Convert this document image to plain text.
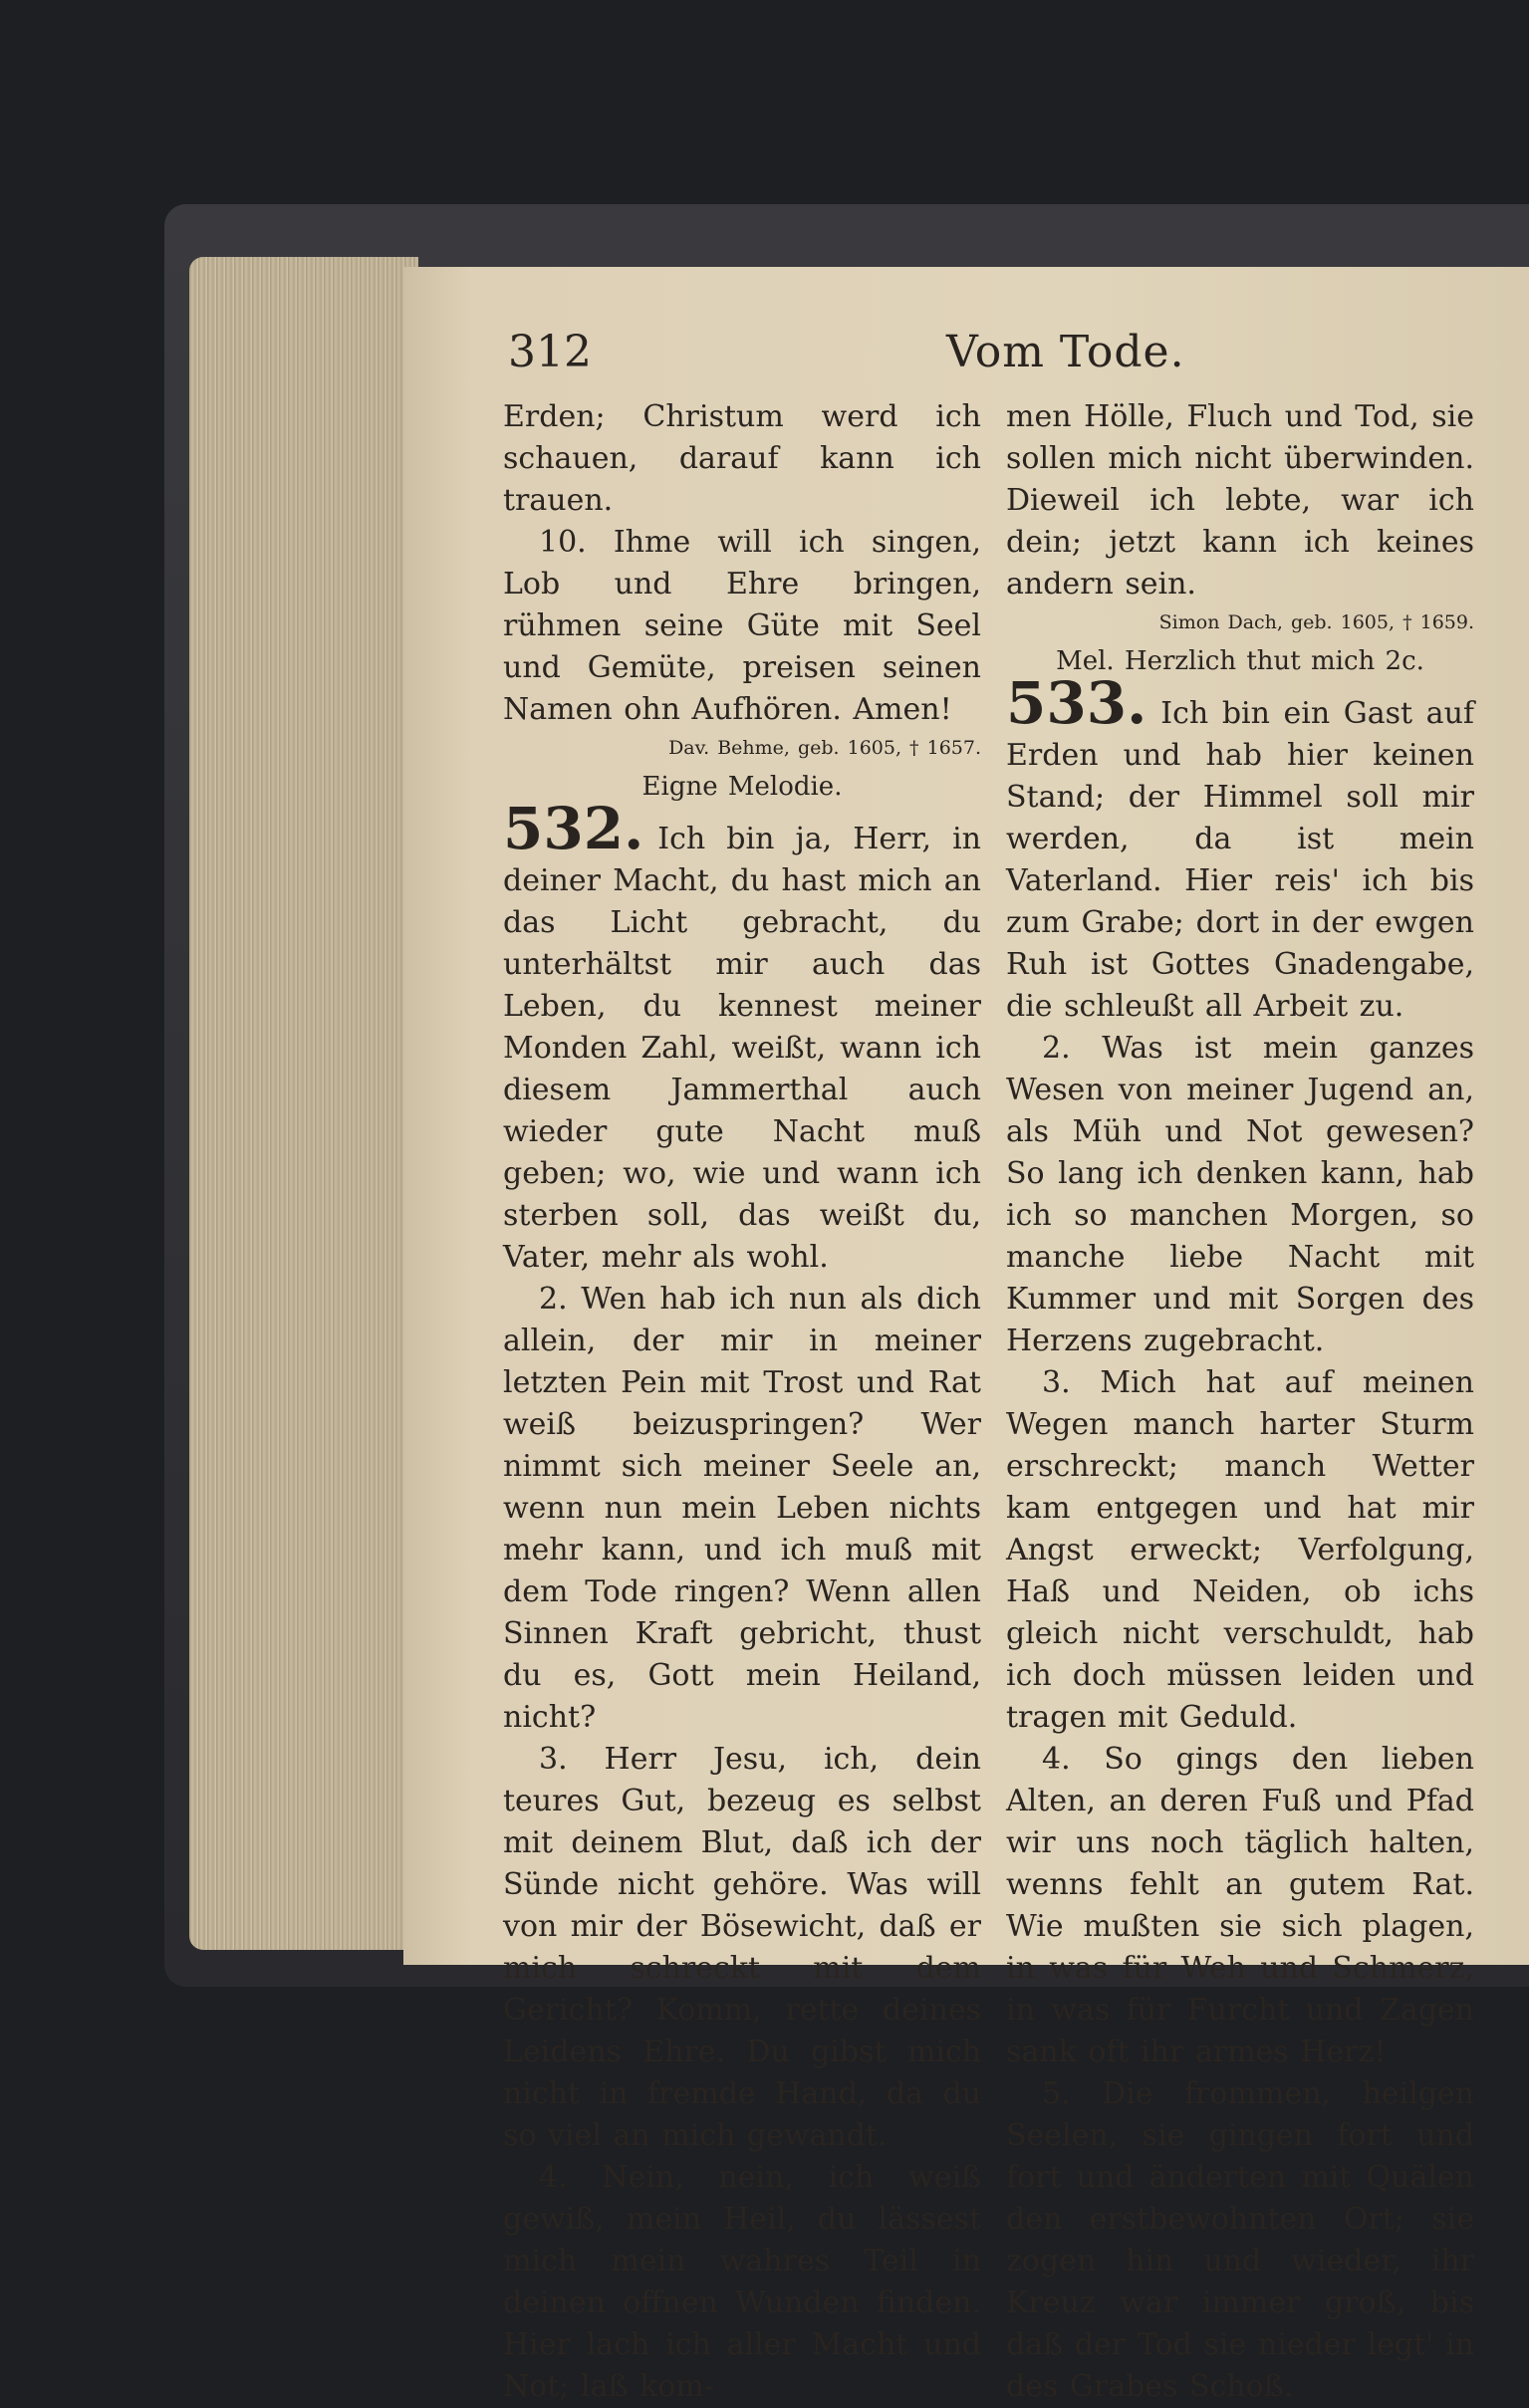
312	Vom Tode.

Erden; Christum werd ich schauen, darauf kann ich trauen.

10. Ihme will ich singen, Lob und Ehre bringen, rühmen seine Güte mit Seel und Gemüte, preisen seinen Namen ohn Aufhören. Amen!

Dav. Behme, geb. 1605, † 1657.

Eigne Melodie.

532. Ich bin ja, Herr, in deiner Macht, du hast mich an das Licht gebracht, du unterhältst mir auch das Leben, du kennest meiner Monden Zahl, weißt, wann ich diesem Jammerthal auch wieder gute Nacht muß geben; wo, wie und wann ich sterben soll, das weißt du, Vater, mehr als wohl.

2. Wen hab ich nun als dich allein, der mir in meiner letzten Pein mit Trost und Rat weiß beizuspringen? Wer nimmt sich meiner Seele an, wenn nun mein Leben nichts mehr kann, und ich muß mit dem Tode ringen? Wenn allen Sinnen Kraft gebricht, thust du es, Gott mein Heiland, nicht?

3. Herr Jesu, ich, dein teures Gut, bezeug es selbst mit deinem Blut, daß ich der Sünde nicht gehöre. Was will von mir der Bösewicht, daß er mich schreckt mit dem Gericht? Komm, rette deines Leidens Ehre. Du gibst mich nicht in fremde Hand, da du so viel an mich gewandt.

4. Nein, nein, ich weiß gewiß, mein Heil, du lässest mich mein wahres Teil in deinen offnen Wunden finden. Hier lach ich aller Macht und Not; laß kom-

men Hölle, Fluch und Tod, sie sollen mich nicht überwinden. Dieweil ich lebte, war ich dein; jetzt kann ich keines andern sein.

Simon Dach, geb. 1605, † 1659.

Mel. Herzlich thut mich 2c.

533. Ich bin ein Gast auf Erden und hab hier keinen Stand; der Himmel soll mir werden, da ist mein Vaterland. Hier reis' ich bis zum Grabe; dort in der ewgen Ruh ist Gottes Gnadengabe, die schleußt all Arbeit zu.

2. Was ist mein ganzes Wesen von meiner Jugend an, als Müh und Not gewesen? So lang ich denken kann, hab ich so manchen Morgen, so manche liebe Nacht mit Kummer und mit Sorgen des Herzens zugebracht.

3. Mich hat auf meinen Wegen manch harter Sturm erschreckt; manch Wetter kam entgegen und hat mir Angst erweckt; Verfolgung, Haß und Neiden, ob ichs gleich nicht verschuldt, hab ich doch müssen leiden und tragen mit Geduld.

4. So gings den lieben Alten, an deren Fuß und Pfad wir uns noch täglich halten, wenns fehlt an gutem Rat. Wie mußten sie sich plagen, in was für Weh und Schmerz, in was für Furcht und Zagen sank oft ihr armes Herz!

5. Die frommen, heilgen Seelen, sie gingen fort und fort und änderten mit Quälen den erstbewohnten Ort; sie zogen hin und wieder, ihr Kreuz war immer groß, bis daß der Tod sie nieder legt' in des Grabes Schoß.
